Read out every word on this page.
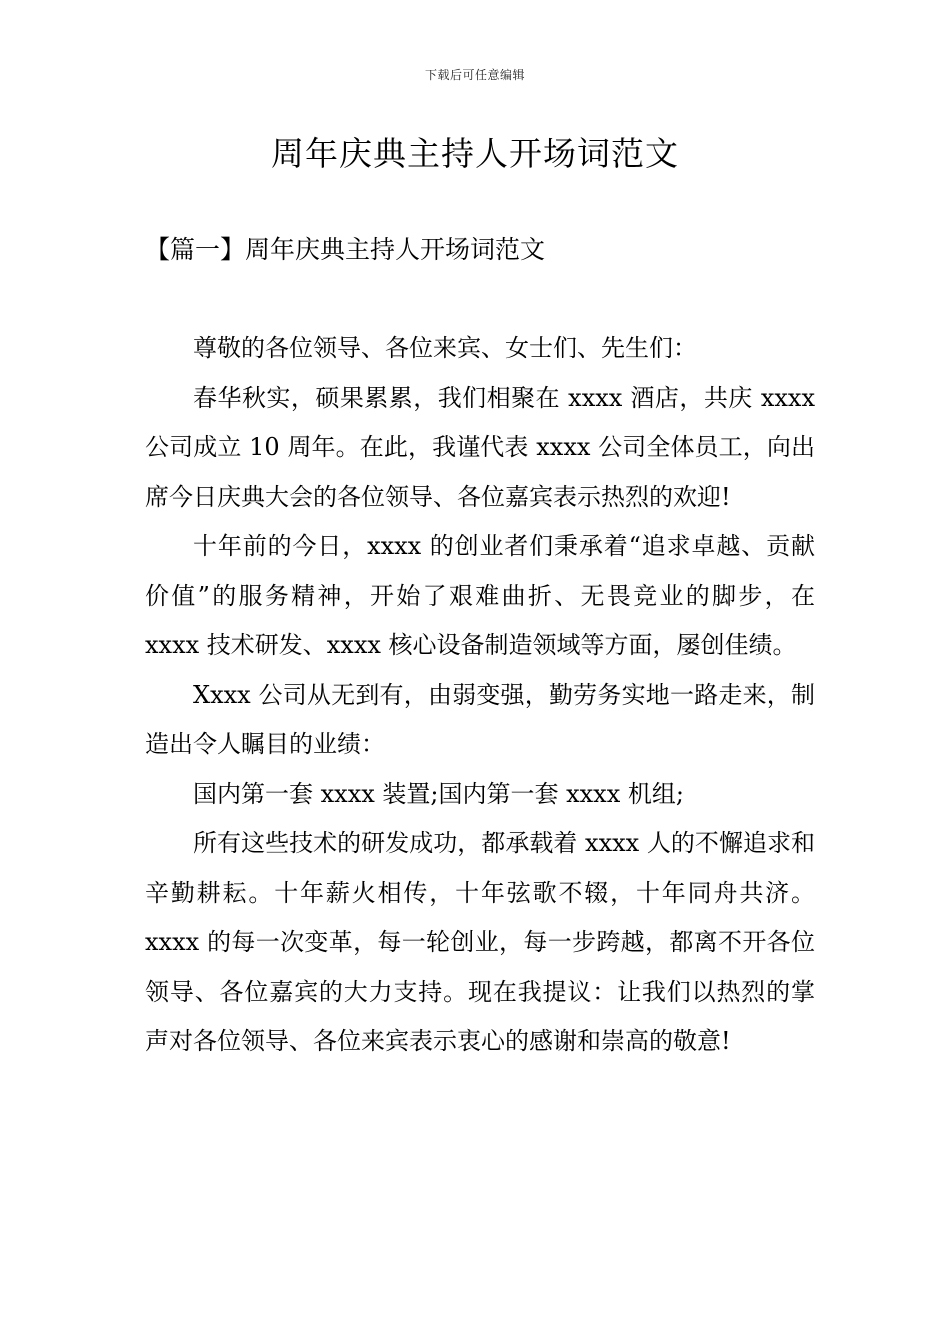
下载后可任意编辑
周年庆典主持人开场词范文
【篇一】周年庆典主持人开场词范文

尊敬的各位领导、各位来宾、女士们、先生们：

春华秋实，硕果累累，我们相聚在 xxxx 酒店，共庆 xxxx 公司成立 10 周年。在此，我谨代表 xxxx 公司全体员工，向出席今日庆典大会的各位领导、各位嘉宾表示热烈的欢迎!

十年前的今日，xxxx 的创业者们秉承着“追求卓越、贡献价值”的服务精神，开始了艰难曲折、无畏竞业的脚步，在 xxxx 技术研发、xxxx 核心设备制造领域等方面，屡创佳绩。

Xxxx 公司从无到有，由弱变强，勤劳务实地一路走来，制造出令人瞩目的业绩：

国内第一套 xxxx 装置;国内第一套 xxxx 机组;

所有这些技术的研发成功，都承载着 xxxx 人的不懈追求和辛勤耕耘。十年薪火相传，十年弦歌不辍，十年同舟共济。xxxx 的每一次变革，每一轮创业，每一步跨越，都离不开各位领导、各位嘉宾的大力支持。现在我提议：让我们以热烈的掌声对各位领导、各位来宾表示衷心的感谢和崇高的敬意!
